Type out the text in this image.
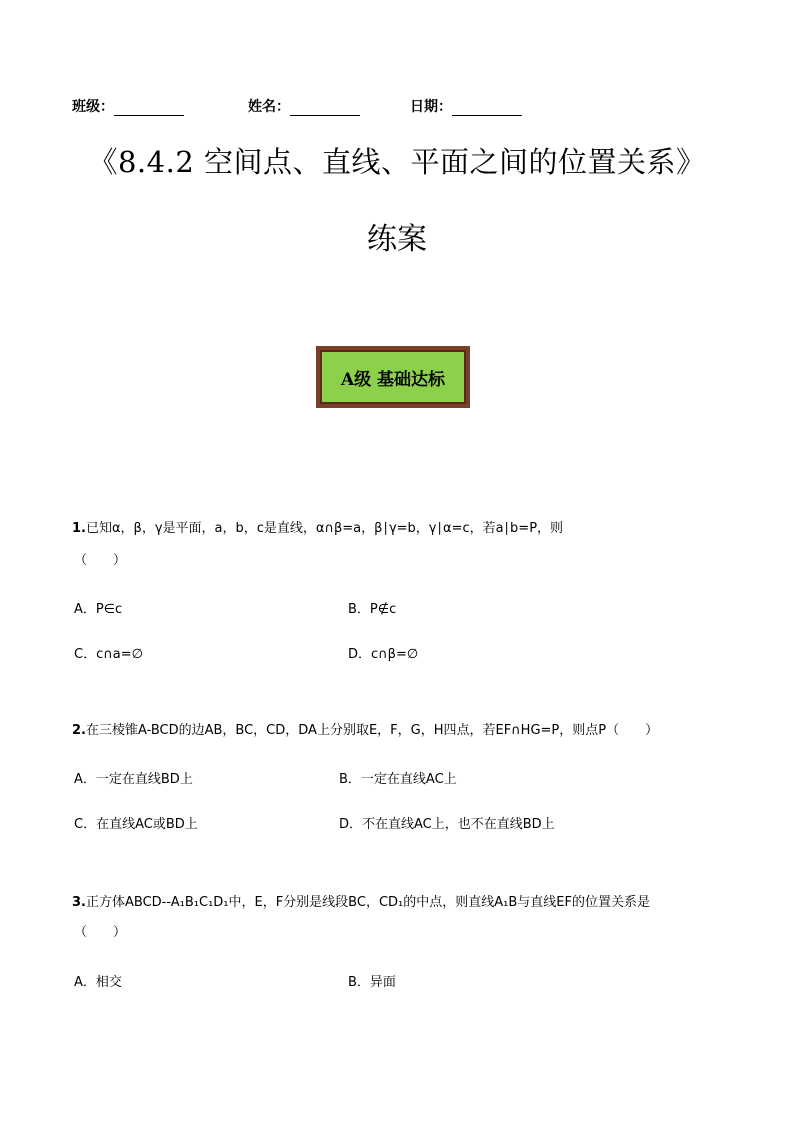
班级：	姓名：	日期：
《8.4.2 空间点、直线、平面之间的位置关系》
练案
A级 基础达标
1.已知α，β，γ是平面，a，b，c是直线，α∩β=a，β∣γ=b，γ∣α=c，若a∣b=P，则
（　　）
A．P∈c	B．P∉c
C．c∩a=∅	D．c∩β=∅
2.在三棱锥A-BCD的边AB，BC，CD，DA上分别取E，F，G，H四点，若EF∩HG=P，则点P（　　）
A．一定在直线BD上	B．一定在直线AC上
C．在直线AC或BD上	D．不在直线AC上，也不在直线BD上
3.正方体ABCD--A₁B₁C₁D₁中，E，F分别是线段BC，CD₁的中点，则直线A₁B与直线EF的位置关系是
（　　）
A．相交	B．异面
